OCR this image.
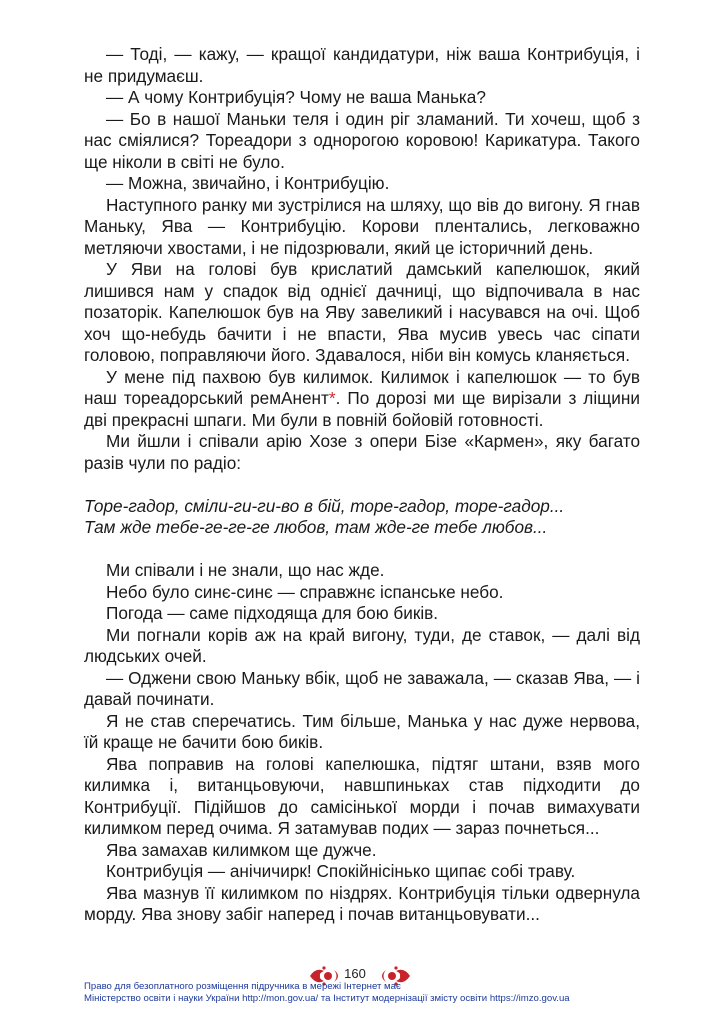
— Тоді, — кажу, — кращої кандидатури, ніж ваша Контрибуція, і не придумаєш.

— А чому Контрибуція? Чому не ваша Манька?

— Бо в нашої Маньки теля і один ріг зламаний. Ти хочеш, щоб з нас сміялися? Тореадори з однорогою коровою! Карикатура. Такого ще ніколи в світі не було.

— Можна, звичайно, і Контрибуцію.

Наступного ранку ми зустрілися на шляху, що вів до вигону. Я гнав Маньку, Ява — Контрибуцію. Корови плентались, легковажно метляючи хвостами, і не підозрювали, який це історичний день.

У Яви на голові був крислатий дамський капелюшок, який лишився нам у спадок від однієї дачниці, що відпочивала в нас позаторік. Капелюшок був на Яву завеликий і насувався на очі. Щоб хоч що-небудь бачити і не впасти, Ява мусив увесь час сіпати головою, поправляючи його. Здавалося, ніби він комусь кланяється.

У мене під пахвою був килимок. Килимок і капелюшок — то був наш тореадорський ремАнент*. По дорозі ми ще вирізали з ліщини дві прекрасні шпаги. Ми були в повній бойовій готовності.

Ми йшли і співали арію Хозе з опери Бізе «Кармен», яку багато разів чули по радіо:

Торе-гадор, сміли-ги-ги-во в бій, торе-гадор, торе-гадор...

Там жде тебе-ге-ге-ге любов, там жде-ге тебе любов...

Ми співали і не знали, що нас жде.

Небо було синє-синє — справжнє іспанське небо.

Погода — саме підходяща для бою биків.

Ми погнали корів аж на край вигону, туди, де ставок, — далі від людських очей.

— Оджени свою Маньку вбік, щоб не заважала, — сказав Ява, — і давай починати.

Я не став сперечатись. Тим більше, Манька у нас дуже нервова, їй краще не бачити бою биків.

Ява поправив на голові капелюшка, підтяг штани, взяв мого килимка і, витанцьовуючи, навшпиньках став підходити до Контрибуції. Підійшов до самісінької морди і почав вимахувати килимком перед очима. Я затамував подих — зараз почнеться...

Ява замахав килимком ще дужче.

Контрибуція — анічичирк! Спокійнісінько щипає собі траву.

Ява мазнув її килимком по ніздрях. Контрибуція тільки одвернула морду. Ява знову забіг наперед і почав витанцьовувати...

160
Право для безоплатного розміщення підручника в мережі Інтернет має
Міністерство освіти і науки України http://mon.gov.ua/ та Інститут модернізації змісту освіти https://imzo.gov.ua
